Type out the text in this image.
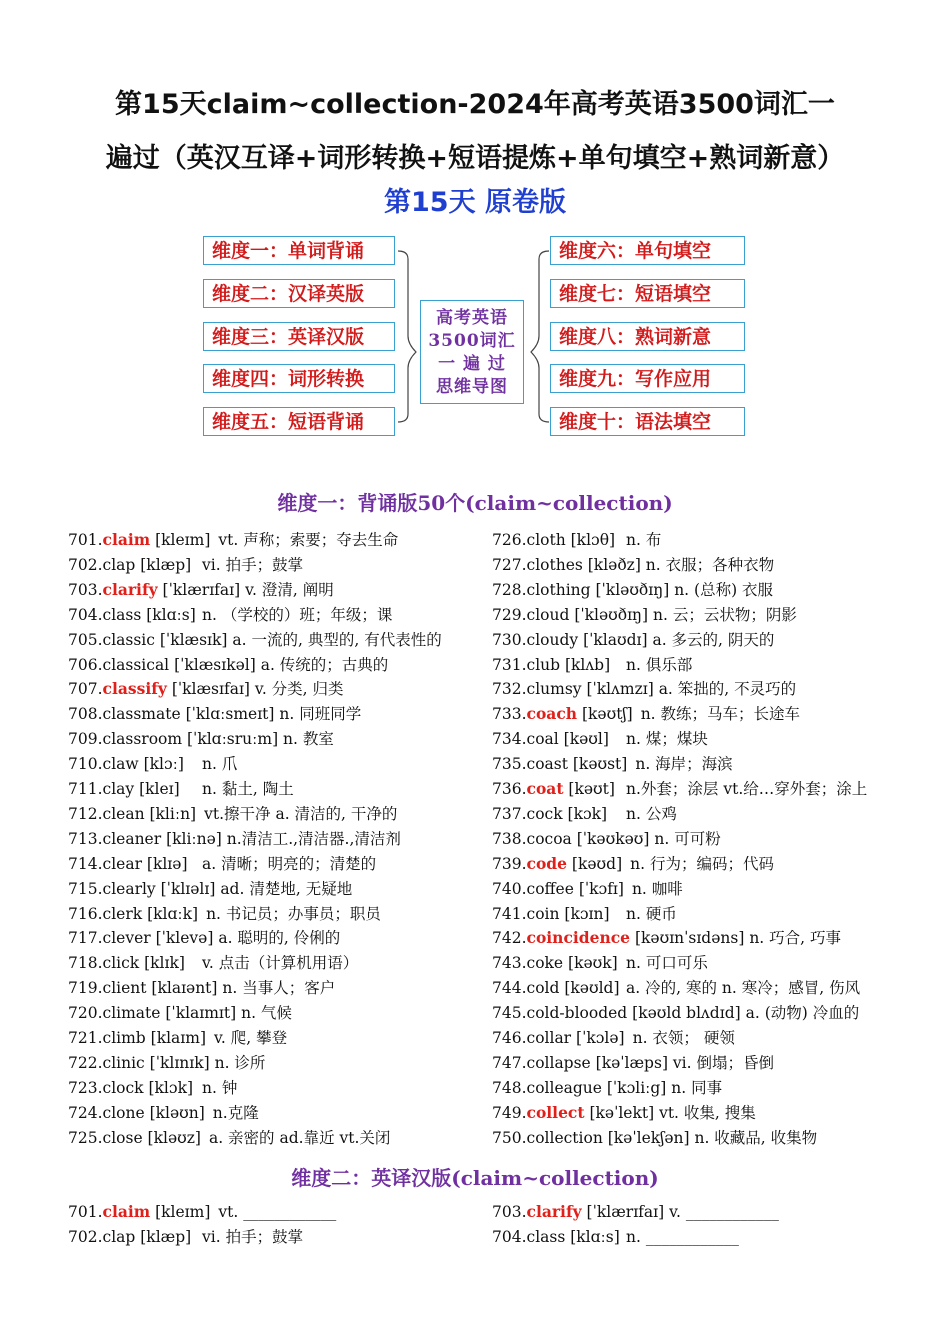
第15天claim~collection-2024年高考英语3500词汇一
遍过（英汉互译+词形转换+短语提炼+单句填空+熟词新意）
第15天 原卷版
维度一：单词背诵
维度二：汉译英版
维度三：英译汉版
维度四：词形转换
维度五：短语背诵
高考英语
3500词汇
一 遍 过
思维导图
维度六：单句填空
维度七：短语填空
维度八：熟词新意
维度九：写作应用
维度十：语法填空
维度一：背诵版50个(claim~collection)
701.claim [kleɪm] vt. 声称；索要；夺去生命
702.clap [klæp] vi. 拍手；鼓掌
703.clarify [ˈklærɪfaɪ] v. 澄清, 阐明
704.class [klɑːs] n. （学校的）班；年级；课
705.classic [ˈklæsɪk] a. 一流的, 典型的, 有代表性的
706.classical [ˈklæsɪkəl] a. 传统的；古典的
707.classify [ˈklæsɪfaɪ] v. 分类, 归类
708.classmate [ˈklɑːsmeɪt] n. 同班同学
709.classroom [ˈklɑːsruːm] n. 教室
710.claw [klɔː] n. 爪
711.clay [kleɪ] n. 黏土, 陶土
712.clean [kliːn] vt.擦干净 a. 清洁的, 干净的
713.cleaner [kliːnə] n.清洁工.,清洁器.,清洁剂
714.clear [klɪə] a. 清晰；明亮的；清楚的
715.clearly [ˈklɪəlɪ] ad. 清楚地, 无疑地
716.clerk [klɑːk] n. 书记员；办事员；职员
717.clever [ˈklevə] a. 聪明的, 伶俐的
718.click [klɪk] v. 点击（计算机用语）
719.client [klaɪənt] n. 当事人；客户
720.climate [ˈklaɪmɪt] n. 气候
721.climb [klaɪm] v. 爬, 攀登
722.clinic [ˈklɪnɪk] n. 诊所
723.clock [klɔk] n. 钟
724.clone [kləʊn] n.克隆
725.close [kləʊz] a. 亲密的 ad.靠近 vt.关闭
726.cloth [klɔθ] n. 布
727.clothes [kləðz] n. 衣服；各种衣物
728.clothing [ˈkləʊðɪŋ] n. (总称) 衣服
729.cloud [ˈkləʊðɪŋ] n. 云；云状物；阴影
730.cloudy [ˈklaʊdɪ] a. 多云的, 阴天的
731.club [klʌb] n. 俱乐部
732.clumsy [ˈklʌmzɪ] a. 笨拙的, 不灵巧的
733.coach [kəʊtʃ] n. 教练；马车；长途车
734.coal [kəʊl] n. 煤；煤块
735.coast [kəʊst] n. 海岸；海滨
736.coat [kəʊt] n.外套；涂层 vt.给…穿外套；涂上
737.cock [kɔk] n. 公鸡
738.cocoa [ˈkəʊkəʊ] n. 可可粉
739.code [kəʊd] n. 行为；编码；代码
740.coffee [ˈkɔfɪ] n. 咖啡
741.coin [kɔɪn] n. 硬币
742.coincidence [kəʊɪnˈsɪdəns] n. 巧合, 巧事
743.coke [kəʊk] n. 可口可乐
744.cold [kəʊld] a. 冷的, 寒的 n. 寒冷；感冒, 伤风
745.cold-blooded [kəʊld blʌdɪd] a. (动物) 冷血的
746.collar [ˈkɔlə] n. 衣领； 硬领
747.collapse [kəˈlæps] vi. 倒塌；昏倒
748.colleague [ˈkɔliːg] n. 同事
749.collect [kəˈlekt] vt. 收集, 搜集
750.collection [kəˈlekʃən] n. 收藏品, 收集物
维度二：英译汉版(claim~collection)
701.claim [kleɪm] vt. ____________
702.clap [klæp] vi. 拍手；鼓掌
703.clarify [ˈklærɪfaɪ] v. ____________
704.class [klɑːs] n. ____________
